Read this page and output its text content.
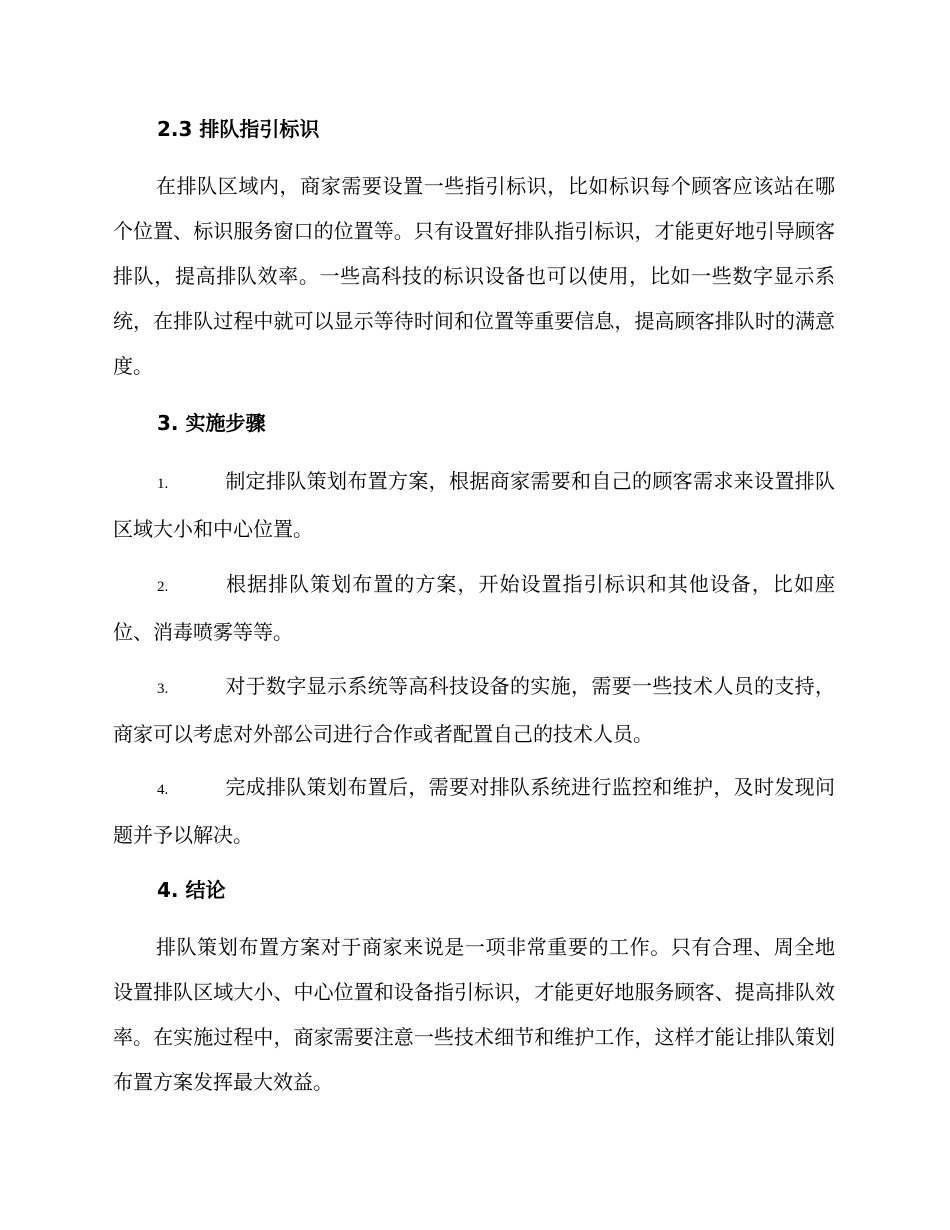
2.3 排队指引标识

在排队区域内，商家需要设置一些指引标识，比如标识每个顾客应该站在哪个位置、标识服务窗口的位置等。只有设置好排队指引标识，才能更好地引导顾客排队，提高排队效率。一些高科技的标识设备也可以使用，比如一些数字显示系统，在排队过程中就可以显示等待时间和位置等重要信息，提高顾客排队时的满意度。

3. 实施步骤

1.	制定排队策划布置方案，根据商家需要和自己的顾客需求来设置排队区域大小和中心位置。

2.	根据排队策划布置的方案，开始设置指引标识和其他设备，比如座位、消毒喷雾等等。

3.	对于数字显示系统等高科技设备的实施，需要一些技术人员的支持，商家可以考虑对外部公司进行合作或者配置自己的技术人员。

4.	完成排队策划布置后，需要对排队系统进行监控和维护，及时发现问题并予以解决。

4. 结论

排队策划布置方案对于商家来说是一项非常重要的工作。只有合理、周全地设置排队区域大小、中心位置和设备指引标识，才能更好地服务顾客、提高排队效率。在实施过程中，商家需要注意一些技术细节和维护工作，这样才能让排队策划布置方案发挥最大效益。
